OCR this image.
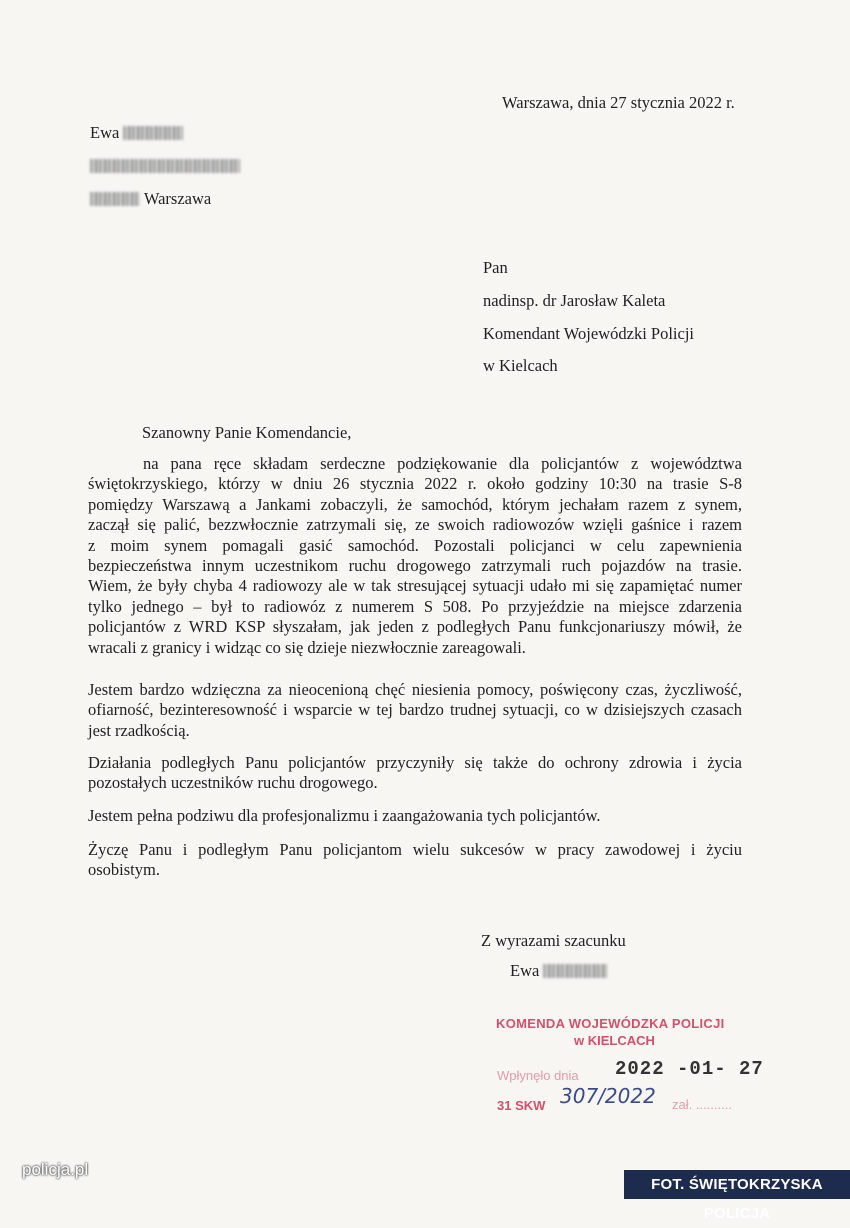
Warszawa, dnia 27 stycznia 2022 r.
Ewa
Warszawa
Pan
nadinsp. dr Jarosław Kaleta
Komendant Wojewódzki Policji
w Kielcach
Szanowny Panie Komendancie,
na pana ręce składam serdeczne podziękowanie dla policjantów z województwa
świętokrzyskiego, którzy w dniu 26 stycznia 2022 r. około godziny 10:30 na trasie S-8
pomiędzy Warszawą a Jankami zobaczyli, że samochód, którym jechałam razem z synem,
zaczął się palić, bezzwłocznie zatrzymali się, ze swoich radiowozów wzięli gaśnice i razem
z moim synem pomagali gasić samochód. Pozostali policjanci w celu zapewnienia
bezpieczeństwa innym uczestnikom ruchu drogowego zatrzymali ruch pojazdów na trasie.
Wiem, że były chyba 4 radiowozy ale w tak stresującej sytuacji udało mi się zapamiętać numer
tylko jednego – był to radiowóz z numerem S 508. Po przyjeździe na miejsce zdarzenia
policjantów z WRD KSP słyszałam, jak jeden z podległych Panu funkcjonariuszy mówił, że
wracali z granicy i widząc co się dzieje niezwłocznie zareagowali.
Jestem bardzo wdzięczna za nieocenioną chęć niesienia pomocy, poświęcony czas, życzliwość,
ofiarność, bezinteresowność i wsparcie w tej bardzo trudnej sytuacji, co w dzisiejszych czasach
jest rzadkością.
Działania podległych Panu policjantów przyczyniły się także do ochrony zdrowia i życia
pozostałych uczestników ruchu drogowego.
Jestem pełna podziwu dla profesjonalizmu i zaangażowania tych policjantów.
Życzę Panu i podległym Panu policjantom wielu sukcesów w pracy zawodowej i życiu
osobistym.
Z wyrazami szacunku
Ewa
KOMENDA WOJEWÓDZKA POLICJI
w KIELCACH
Wpłynęło dnia 2022 -01- 27
31 SKW 307/2022 zał. ..........
policja.pl
FOT. ŚWIĘTOKRZYSKA POLICJA
